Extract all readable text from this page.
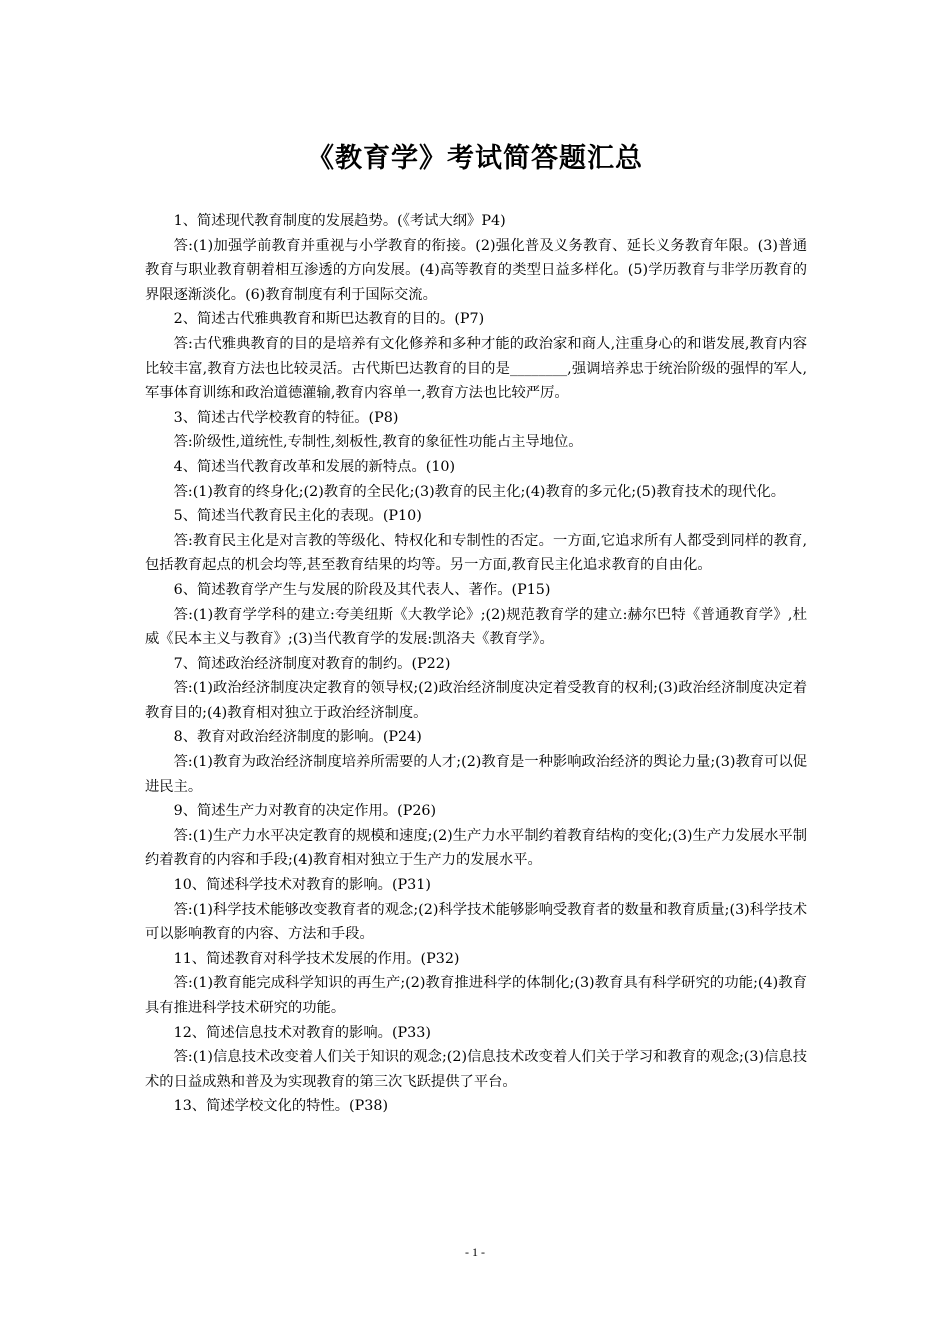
《教育学》考试简答题汇总

1、简述现代教育制度的发展趋势。(《考试大纲》P4)

答:(1)加强学前教育并重视与小学教育的衔接。(2)强化普及义务教育、延长义务教育年限。(3)普通教育与职业教育朝着相互渗透的方向发展。(4)高等教育的类型日益多样化。(5)学历教育与非学历教育的界限逐渐淡化。(6)教育制度有利于国际交流。

2、简述古代雅典教育和斯巴达教育的目的。(P7)

答:古代雅典教育的目的是培养有文化修养和多种才能的政治家和商人,注重身心的和谐发展,教育内容比较丰富,教育方法也比较灵活。古代斯巴达教育的目的是________,强调培养忠于统治阶级的强悍的军人,军事体育训练和政治道德灌输,教育内容单一,教育方法也比较严厉。

3、简述古代学校教育的特征。(P8)

答:阶级性,道统性,专制性,刻板性,教育的象征性功能占主导地位。

4、简述当代教育改革和发展的新特点。(10)

答:(1)教育的终身化;(2)教育的全民化;(3)教育的民主化;(4)教育的多元化;(5)教育技术的现代化。

5、简述当代教育民主化的表现。(P10)

答:教育民主化是对言教的等级化、特权化和专制性的否定。一方面,它追求所有人都受到同样的教育,包括教育起点的机会均等,甚至教育结果的均等。另一方面,教育民主化追求教育的自由化。

6、简述教育学产生与发展的阶段及其代表人、著作。(P15)

答:(1)教育学学科的建立:夸美纽斯《大教学论》;(2)规范教育学的建立:赫尔巴特《普通教育学》,杜威《民本主义与教育》;(3)当代教育学的发展:凯洛夫《教育学》。

7、简述政治经济制度对教育的制约。(P22)

答:(1)政治经济制度决定教育的领导权;(2)政治经济制度决定着受教育的权利;(3)政治经济制度决定着教育目的;(4)教育相对独立于政治经济制度。

8、教育对政治经济制度的影响。(P24)

答:(1)教育为政治经济制度培养所需要的人才;(2)教育是一种影响政治经济的舆论力量;(3)教育可以促进民主。

9、简述生产力对教育的决定作用。(P26)

答:(1)生产力水平决定教育的规模和速度;(2)生产力水平制约着教育结构的变化;(3)生产力发展水平制约着教育的内容和手段;(4)教育相对独立于生产力的发展水平。

10、简述科学技术对教育的影响。(P31)

答:(1)科学技术能够改变教育者的观念;(2)科学技术能够影响受教育者的数量和教育质量;(3)科学技术可以影响教育的内容、方法和手段。

11、简述教育对科学技术发展的作用。(P32)

答:(1)教育能完成科学知识的再生产;(2)教育推进科学的体制化;(3)教育具有科学研究的功能;(4)教育具有推进科学技术研究的功能。

12、简述信息技术对教育的影响。(P33)

答:(1)信息技术改变着人们关于知识的观念;(2)信息技术改变着人们关于学习和教育的观念;(3)信息技术的日益成熟和普及为实现教育的第三次飞跃提供了平台。

13、简述学校文化的特性。(P38)

- 1 -
